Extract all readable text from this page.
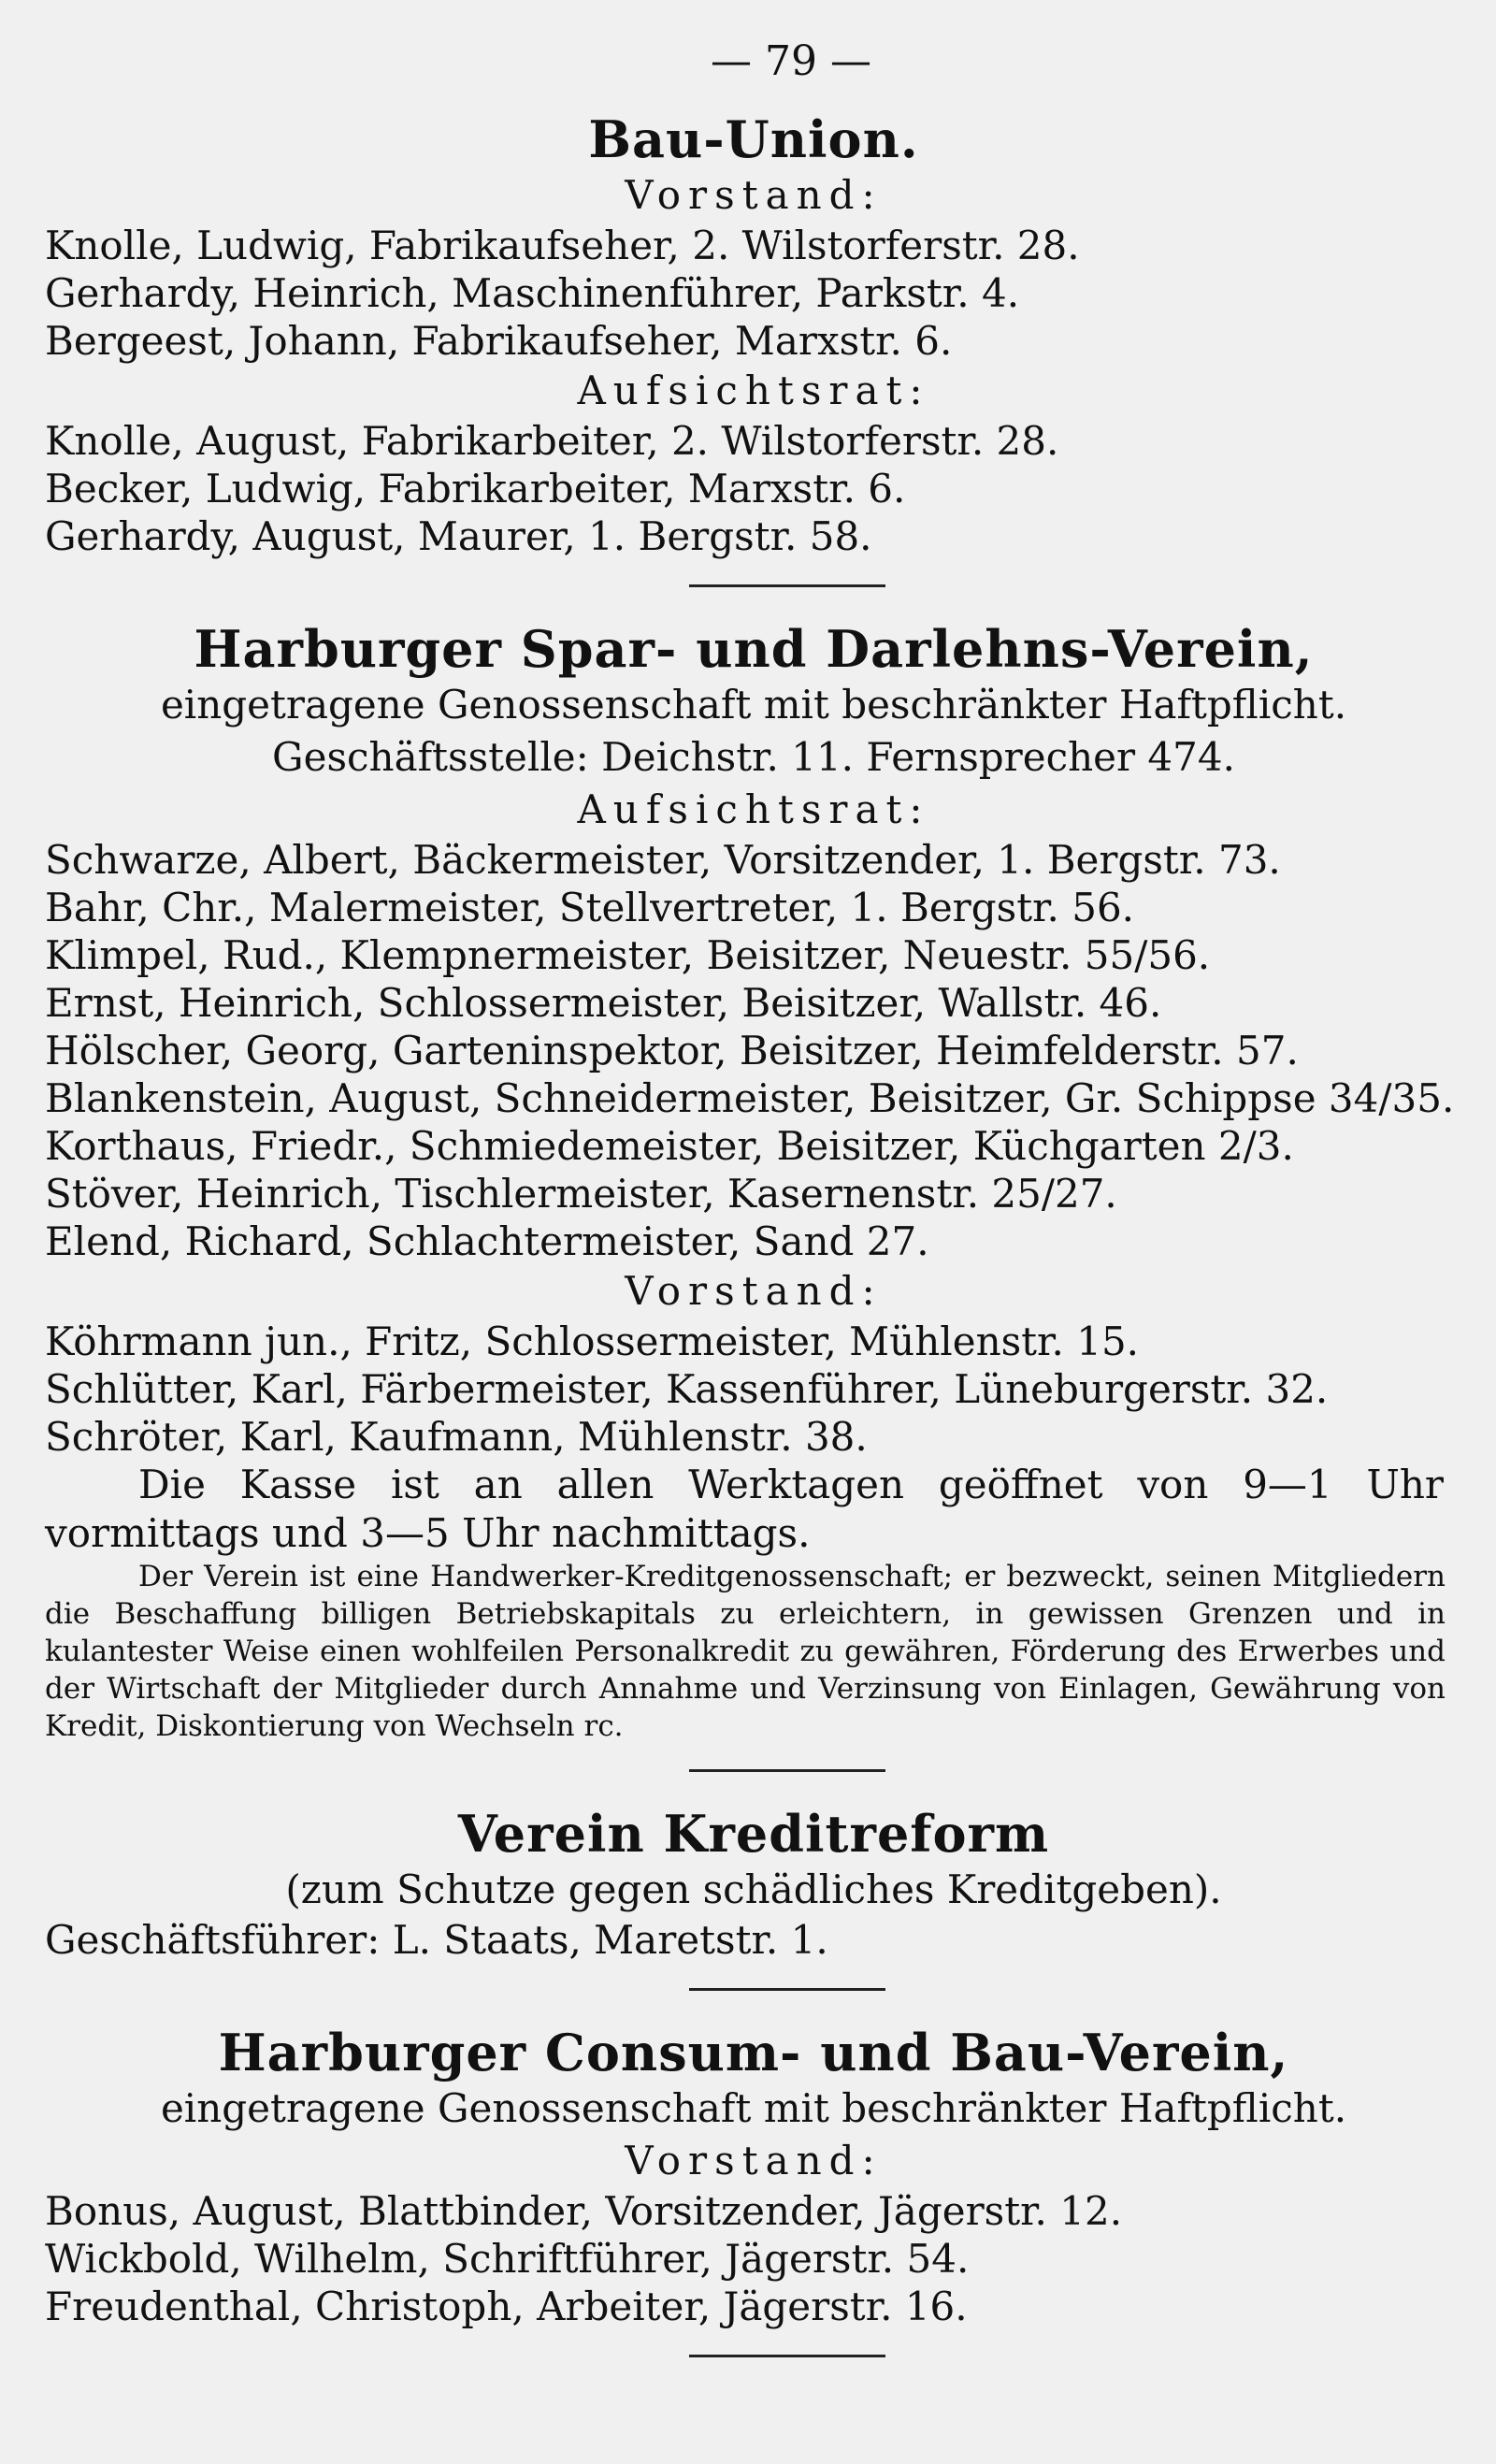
— 79 —
Bau-Union.
Vorstand:
Knolle, Ludwig, Fabrikaufseher, 2. Wilstorferstr. 28.
Gerhardy, Heinrich, Maschinenführer, Parkstr. 4.
Bergeest, Johann, Fabrikaufseher, Marxstr. 6.
Aufsichtsrat:
Knolle, August, Fabrikarbeiter, 2. Wilstorferstr. 28.
Becker, Ludwig, Fabrikarbeiter, Marxstr. 6.
Gerhardy, August, Maurer, 1. Bergstr. 58.
Harburger Spar- und Darlehns-Verein,
eingetragene Genossenschaft mit beschränkter Haftpflicht.
Geschäftsstelle: Deichstr. 11. Fernsprecher 474.
Aufsichtsrat:
Schwarze, Albert, Bäckermeister, Vorsitzender, 1. Bergstr. 73.
Bahr, Chr., Malermeister, Stellvertreter, 1. Bergstr. 56.
Klimpel, Rud., Klempnermeister, Beisitzer, Neuestr. 55/56.
Ernst, Heinrich, Schlossermeister, Beisitzer, Wallstr. 46.
Hölscher, Georg, Garteninspektor, Beisitzer, Heimfelderstr. 57.
Blankenstein, August, Schneidermeister, Beisitzer, Gr. Schippse 34/35.
Korthaus, Friedr., Schmiedemeister, Beisitzer, Küchgarten 2/3.
Stöver, Heinrich, Tischlermeister, Kasernenstr. 25/27.
Elend, Richard, Schlachtermeister, Sand 27.
Vorstand:
Köhrmann jun., Fritz, Schlossermeister, Mühlenstr. 15.
Schlütter, Karl, Färbermeister, Kassenführer, Lüneburgerstr. 32.
Schröter, Karl, Kaufmann, Mühlenstr. 38.
Die Kasse ist an allen Werktagen geöffnet von 9—1 Uhr vormittags und 3—5 Uhr nachmittags.
Der Verein ist eine Handwerker-Kreditgenossenschaft; er bezweckt, seinen Mitgliedern die Beschaffung billigen Betriebskapitals zu erleichtern, in gewissen Grenzen und in kulantester Weise einen wohlfeilen Personalkredit zu gewähren, Förderung des Erwerbes und der Wirtschaft der Mitglieder durch Annahme und Verzinsung von Einlagen, Gewährung von Kredit, Diskontierung von Wechseln rc.
Verein Kreditreform
(zum Schutze gegen schädliches Kreditgeben).
Geschäftsführer: L. Staats, Maretstr. 1.
Harburger Consum- und Bau-Verein,
eingetragene Genossenschaft mit beschränkter Haftpflicht.
Vorstand:
Bonus, August, Blattbinder, Vorsitzender, Jägerstr. 12.
Wickbold, Wilhelm, Schriftführer, Jägerstr. 54.
Freudenthal, Christoph, Arbeiter, Jägerstr. 16.
